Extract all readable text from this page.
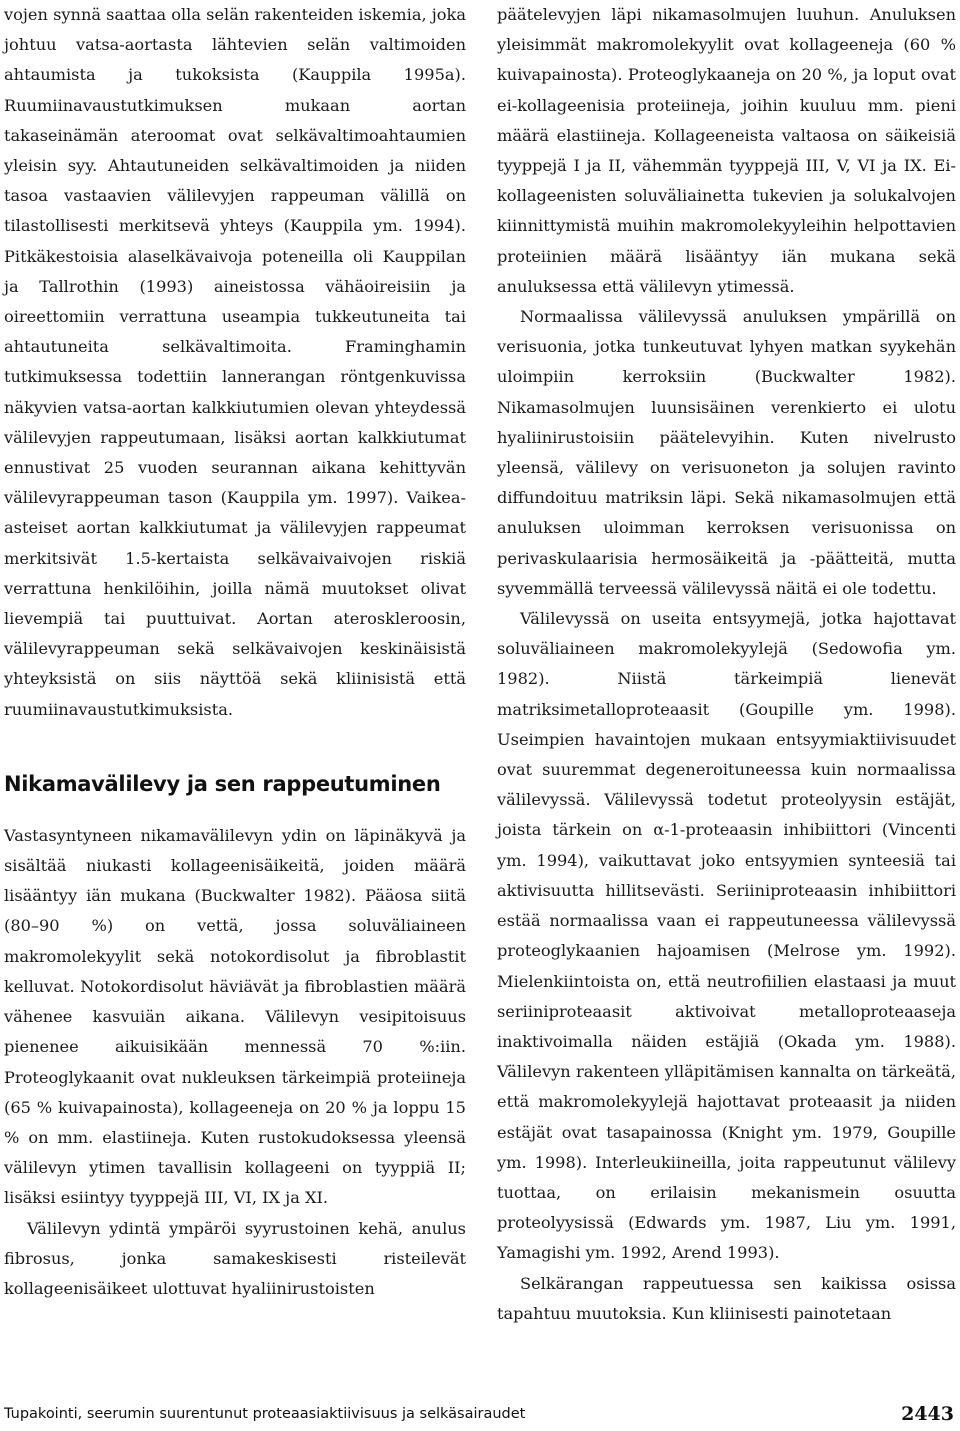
vojen synnä saattaa olla selän rakenteiden iskemia, joka johtuu vatsa-aortasta lähtevien selän valtimoiden ahtaumista ja tukoksista (Kauppila 1995a). Ruumiinavaustutkimuksen mukaan aortan takaseinämän ateroomat ovat selkävaltimoahtaumien yleisin syy. Ahtautuneiden selkävaltimoiden ja niiden tasoa vastaavien välilevyjen rappeuman välillä on tilastollisesti merkitsevä yhteys (Kauppila ym. 1994). Pitkäkestoisia alaselkävaivoja poteneilla oli Kauppilan ja Tallrothin (1993) aineistossa vähäoireisiin ja oireettomiin verrattuna useampia tukkeutuneita tai ahtautuneita selkävaltimoita. Framinghamin tutkimuksessa todettiin lannerangan röntgenkuvissa näkyvien vatsa-aortan kalkkiutumien olevan yhteydessä välilevyjen rappeutumaan, lisäksi aortan kalkkiutumat ennustivat 25 vuoden seurannan aikana kehittyvän välilevyrappeuman tason (Kauppila ym. 1997). Vaikea-asteiset aortan kalkkiutumat ja välilevyjen rappeumat merkitsivät 1.5-kertaista selkävaivaivojen riskiä verrattuna henkilöihin, joilla nämä muutokset olivat lievempiä tai puuttuivat. Aortan ateroskleroosin, välilevyrappeuman sekä selkävaivojen keskinäisistä yhteyksistä on siis näyttöä sekä kliinisistä että ruumiinavaustutkimuksista.

Nikamavälilevy ja sen rappeutuminen

Vastasyntyneen nikamavälilevyn ydin on läpinäkyvä ja sisältää niukasti kollageenisäikeitä, joiden määrä lisääntyy iän mukana (Buckwalter 1982). Pääosa siitä (80–90 %) on vettä, jossa soluväliaineen makromolekyylit sekä notokordisolut ja fibroblastit kelluvat. Notokordisolut häviävät ja fibroblastien määrä vähenee kasvuiän aikana. Välilevyn vesipitoisuus pienenee aikuisikään mennessä 70 %:iin. Proteoglykaanit ovat nukleuksen tärkeimpiä proteiineja (65 % kuivapainosta), kollageeneja on 20 % ja loppu 15 % on mm. elastiineja. Kuten rustokudoksessa yleensä välilevyn ytimen tavallisin kollageeni on tyyppiä II; lisäksi esiintyy tyyppejä III, VI, IX ja XI.

Välilevyn ydintä ympäröi syyrustoinen kehä, anulus fibrosus, jonka samakeskisesti risteilevät kollageenisäikeet ulottuvat hyaliinirustoisten

päätelevyjen läpi nikamasolmujen luuhun. Anuluksen yleisimmät makromolekyylit ovat kollageeneja (60 % kuivapainosta). Proteoglykaaneja on 20 %, ja loput ovat ei-kollageenisia proteiineja, joihin kuuluu mm. pieni määrä elastiineja. Kollageeneista valtaosa on säikeisiä tyyppejä I ja II, vähemmän tyyppejä III, V, VI ja IX. Ei-kollageenisten soluväliainetta tukevien ja solukalvojen kiinnittymistä muihin makromolekyyleihin helpottavien proteiinien määrä lisääntyy iän mukana sekä anuluksessa että välilevyn ytimessä.

Normaalissa välilevyssä anuluksen ympärillä on verisuonia, jotka tunkeutuvat lyhyen matkan syykehän uloimpiin kerroksiin (Buckwalter 1982). Nikamasolmujen luunsisäinen verenkierto ei ulotu hyaliinirustoisiin päätelevyihin. Kuten nivelrusto yleensä, välilevy on verisuoneton ja solujen ravinto diffundoituu matriksin läpi. Sekä nikamasolmujen että anuluksen uloimman kerroksen verisuonissa on perivaskulaarisia hermosäikeitä ja -päätteitä, mutta syvemmällä terveessä välilevyssä näitä ei ole todettu.

Välilevyssä on useita entsyymejä, jotka hajottavat soluväliaineen makromolekyylejä (Sedowofia ym. 1982). Niistä tärkeimpiä lienevät matriksimetalloproteaasit (Goupille ym. 1998). Useimpien havaintojen mukaan entsyymiaktiivisuudet ovat suuremmat degeneroituneessa kuin normaalissa välilevyssä. Välilevyssä todetut proteolyysin estäjät, joista tärkein on α-1-proteaasin inhibiittori (Vincenti ym. 1994), vaikuttavat joko entsyymien synteesiä tai aktivisuutta hillitsevästi. Seriiniproteaasin inhibiittori estää normaalissa vaan ei rappeutuneessa välilevyssä proteoglykaanien hajoamisen (Melrose ym. 1992). Mielenkiintoista on, että neutrofiilien elastaasi ja muut seriiniproteaasit aktivoivat metalloproteaaseja inaktivoimalla näiden estäjiä (Okada ym. 1988). Välilevyn rakenteen ylläpitämisen kannalta on tärkeätä, että makromolekyylejä hajottavat proteaasit ja niiden estäjät ovat tasapainossa (Knight ym. 1979, Goupille ym. 1998). Interleukiineilla, joita rappeutunut välilevy tuottaa, on erilaisin mekanismein osuutta proteolyysissä (Edwards ym. 1987, Liu ym. 1991, Yamagishi ym. 1992, Arend 1993).

Selkärangan rappeutuessa sen kaikissa osissa tapahtuu muutoksia. Kun kliinisesti painotetaan

Tupakointi, seerumin suurentunut proteaasiaktiivisuus ja selkäsairaudet	2443
